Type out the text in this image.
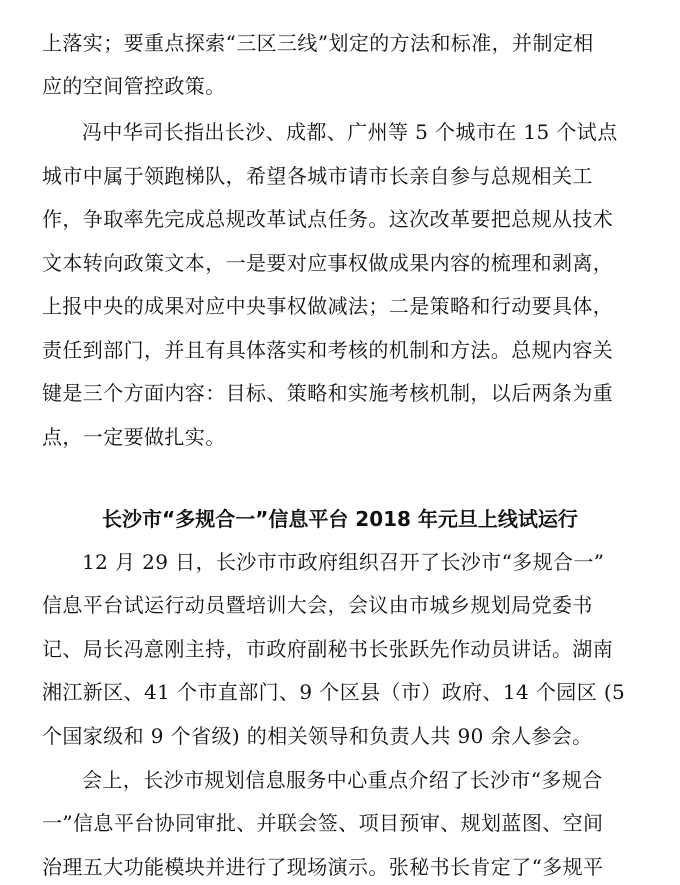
上落实；要重点探索“三区三线”划定的方法和标准，并制定相
应的空间管控政策。
冯中华司长指出长沙、成都、广州等 5 个城市在 15 个试点
城市中属于领跑梯队，希望各城市请市长亲自参与总规相关工
作，争取率先完成总规改革试点任务。这次改革要把总规从技术
文本转向政策文本，一是要对应事权做成果内容的梳理和剥离，
上报中央的成果对应中央事权做减法；二是策略和行动要具体，
责任到部门，并且有具体落实和考核的机制和方法。总规内容关
键是三个方面内容：目标、策略和实施考核机制，以后两条为重
点，一定要做扎实。
长沙市“多规合一”信息平台 2018 年元旦上线试运行
12 月 29 日，长沙市市政府组织召开了长沙市“多规合一”
信息平台试运行动员暨培训大会，会议由市城乡规划局党委书
记、局长冯意刚主持，市政府副秘书长张跃先作动员讲话。湖南
湘江新区、41 个市直部门、9 个区县（市）政府、14 个园区 (5
个国家级和 9 个省级) 的相关领导和负责人共 90 余人参会。
会上，长沙市规划信息服务中心重点介绍了长沙市“多规合
一”信息平台协同审批、并联会签、项目预审、规划蓝图、空间
治理五大功能模块并进行了现场演示。张秘书长肯定了“多规平
